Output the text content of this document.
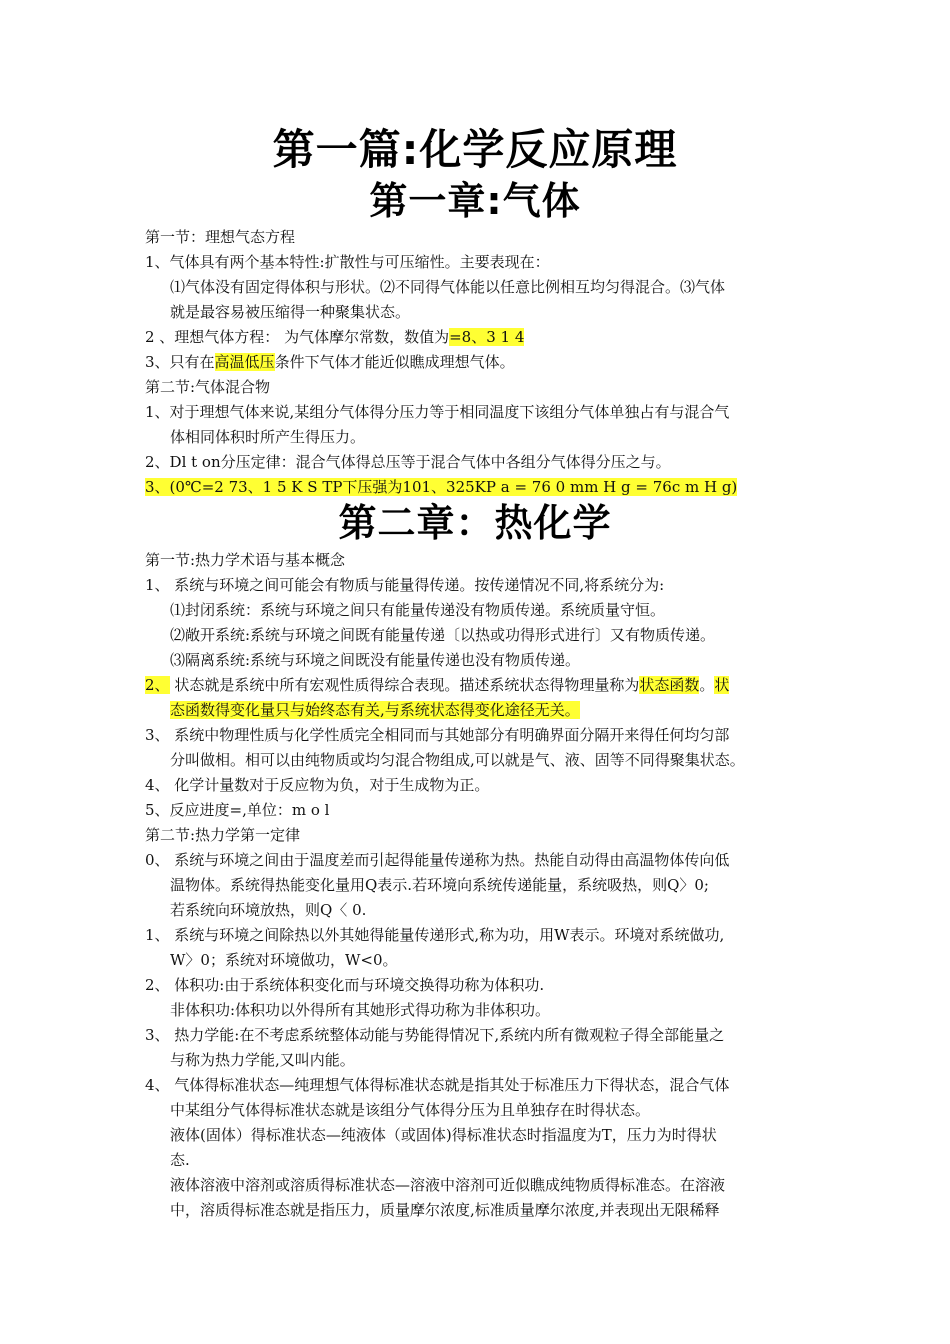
第一篇:化学反应原理
第一章:气体
第一节：理想气态方程
1、气体具有两个基本特性:扩散性与可压缩性。主要表现在：
⑴气体没有固定得体积与形状。⑵不同得气体能以任意比例相互均匀得混合。⑶气体
就是最容易被压缩得一种聚集状态。
2 、理想气体方程： 为气体摩尔常数，数值为=8、3 1 4
3、只有在高温低压条件下气体才能近似瞧成理想气体。
第二节:气体混合物
1、对于理想气体来说,某组分气体得分压力等于相同温度下该组分气体单独占有与混合气
体相同体积时所产生得压力。
2、Dl t on分压定律：混合气体得总压等于混合气体中各组分气体得分压之与。
3、(0℃=2 73、1 5 K S TP下压强为101、325KP a = 76 0 mm H g = 76c m H g)
第二章：热化学
第一节:热力学术语与基本概念
1、 系统与环境之间可能会有物质与能量得传递。按传递情况不同,将系统分为:
⑴封闭系统：系统与环境之间只有能量传递没有物质传递。系统质量守恒。
⑵敞开系统:系统与环境之间既有能量传递〔以热或功得形式进行〕又有物质传递。
⑶隔离系统:系统与环境之间既没有能量传递也没有物质传递。
2、 状态就是系统中所有宏观性质得综合表现。描述系统状态得物理量称为状态函数。状
态函数得变化量只与始终态有关,与系统状态得变化途径无关。
3、 系统中物理性质与化学性质完全相同而与其她部分有明确界面分隔开来得任何均匀部
分叫做相。相可以由纯物质或均匀混合物组成,可以就是气、液、固等不同得聚集状态。
4、 化学计量数对于反应物为负，对于生成物为正。
5、反应进度=,单位：m o l
第二节:热力学第一定律
0、 系统与环境之间由于温度差而引起得能量传递称为热。热能自动得由高温物体传向低
温物体。系统得热能变化量用Q表示.若环境向系统传递能量，系统吸热，则Q〉0;
若系统向环境放热，则Q〈 0.
1、 系统与环境之间除热以外其她得能量传递形式,称为功，用W表示。环境对系统做功,
W〉0；系统对环境做功，W<0。
2、 体积功:由于系统体积变化而与环境交换得功称为体积功.
非体积功:体积功以外得所有其她形式得功称为非体积功。
3、 热力学能:在不考虑系统整体动能与势能得情况下,系统内所有微观粒子得全部能量之
与称为热力学能,又叫内能。
4、 气体得标准状态—纯理想气体得标准状态就是指其处于标准压力下得状态，混合气体
中某组分气体得标准状态就是该组分气体得分压为且单独存在时得状态。
液体(固体）得标准状态—纯液体（或固体)得标准状态时指温度为T，压力为时得状
态.
液体溶液中溶剂或溶质得标准状态—溶液中溶剂可近似瞧成纯物质得标准态。在溶液
中，溶质得标准态就是指压力，质量摩尔浓度,标准质量摩尔浓度,并表现出无限稀释
